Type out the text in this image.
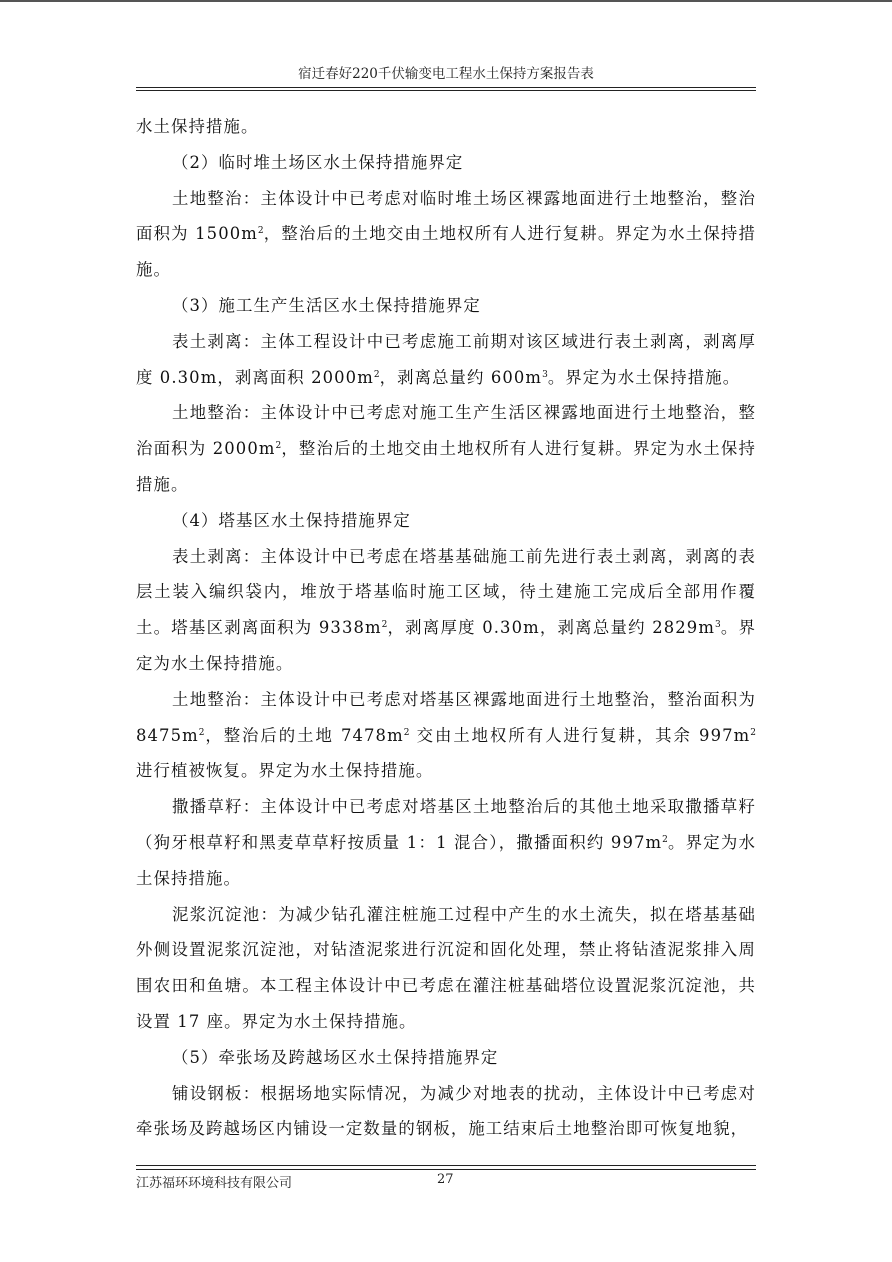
宿迁春好220千伏输变电工程水土保持方案报告表

水土保持措施。

（2）临时堆土场区水土保持措施界定

土地整治：主体设计中已考虑对临时堆土场区裸露地面进行土地整治，整治面积为 $1500m^2$，整治后的土地交由土地权所有人进行复耕。界定为水土保持措施。

（3）施工生产生活区水土保持措施界定

表土剥离：主体工程设计中已考虑施工前期对该区域进行表土剥离，剥离厚度 0.30m，剥离面积 $2000m^2$，剥离总量约 $600m^3$。界定为水土保持措施。

土地整治：主体设计中已考虑对施工生产生活区裸露地面进行土地整治，整治面积为 $2000m^2$，整治后的土地交由土地权所有人进行复耕。界定为水土保持措施。

（4）塔基区水土保持措施界定

表土剥离：主体设计中已考虑在塔基基础施工前先进行表土剥离，剥离的表层土装入编织袋内，堆放于塔基临时施工区域，待土建施工完成后全部用作覆土。塔基区剥离面积为 $9338m^2$，剥离厚度 0.30m，剥离总量约 $2829m^3$。界定为水土保持措施。

土地整治：主体设计中已考虑对塔基区裸露地面进行土地整治，整治面积为 $8475m^2$，整治后的土地 $7478m^2$ 交由土地权所有人进行复耕，其余 $997m^2$ 进行植被恢复。界定为水土保持措施。

撒播草籽：主体设计中已考虑对塔基区土地整治后的其他土地采取撒播草籽（狗牙根草籽和黑麦草草籽按质量 1：1 混合），撒播面积约 $997m^2$。界定为水土保持措施。

泥浆沉淀池：为减少钻孔灌注桩施工过程中产生的水土流失，拟在塔基基础外侧设置泥浆沉淀池，对钻渣泥浆进行沉淀和固化处理，禁止将钻渣泥浆排入周围农田和鱼塘。本工程主体设计中已考虑在灌注桩基础塔位设置泥浆沉淀池，共设置 17 座。界定为水土保持措施。

（5）牵张场及跨越场区水土保持措施界定

铺设钢板：根据场地实际情况，为减少对地表的扰动，主体设计中已考虑对牵张场及跨越场区内铺设一定数量的钢板，施工结束后土地整治即可恢复地貌，

江苏福环环境科技有限公司	27
